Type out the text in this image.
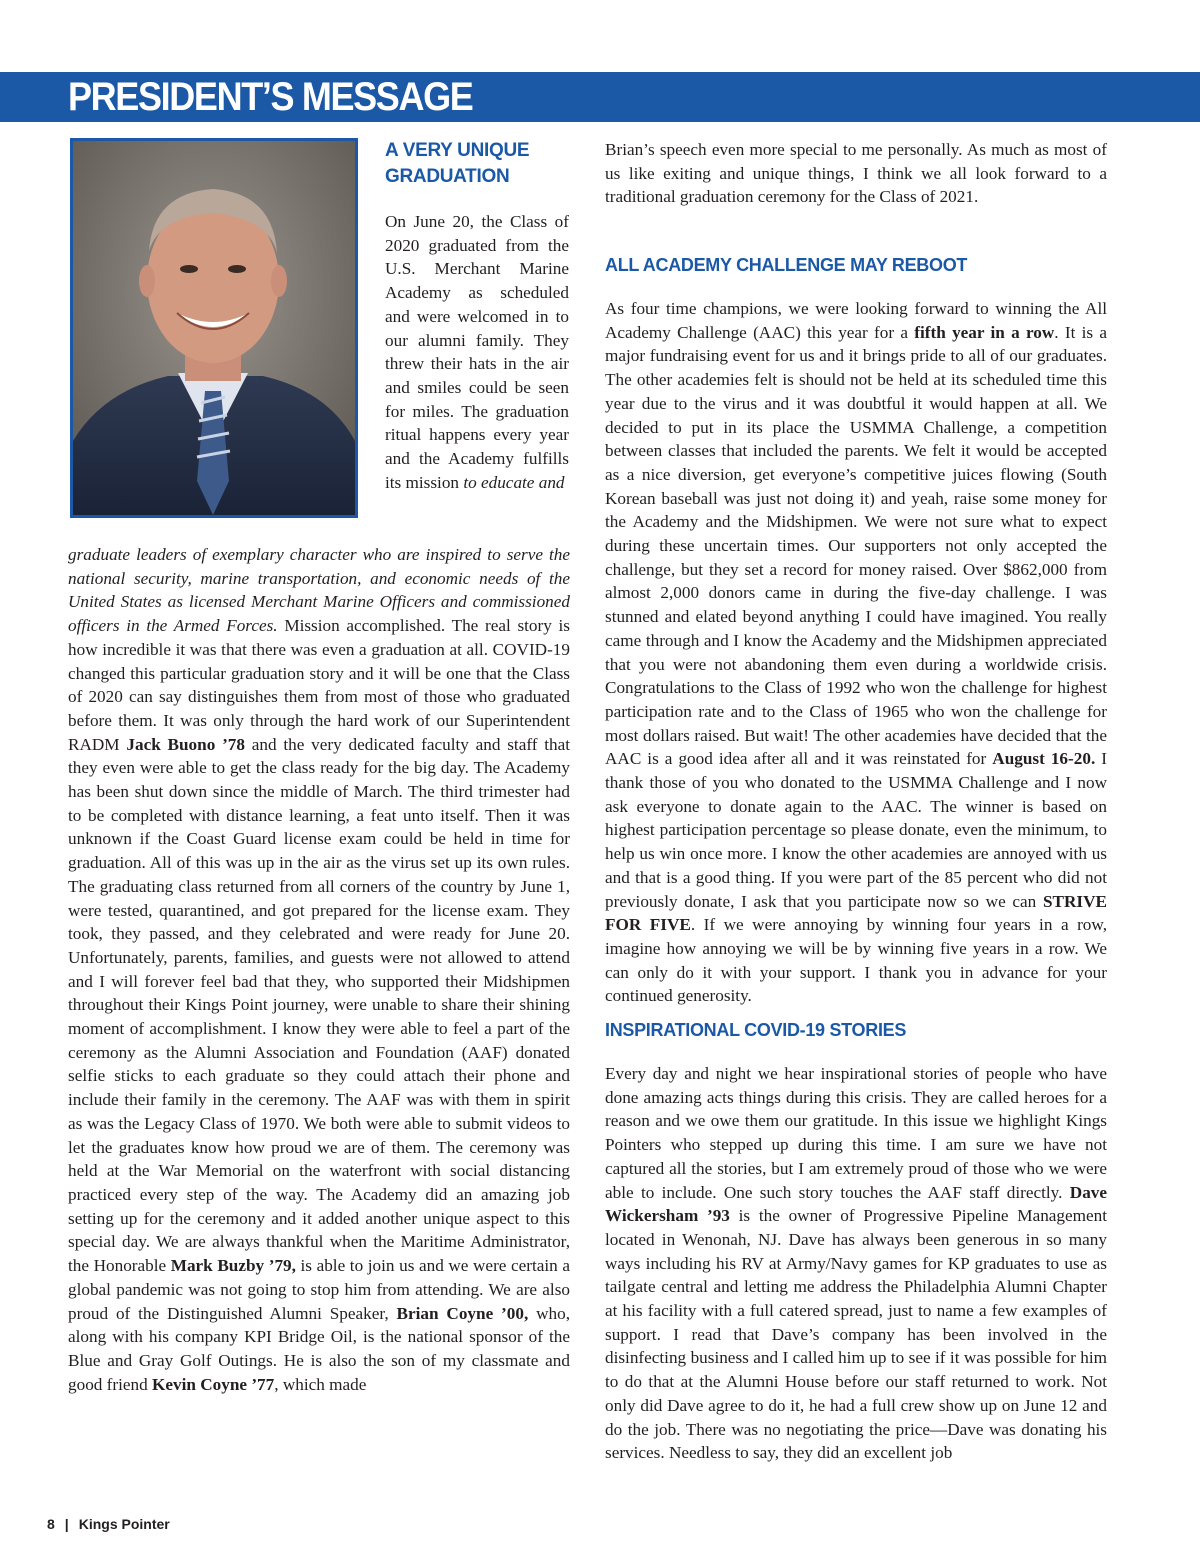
PRESIDENT’S MESSAGE
A VERY UNIQUE GRADUATION

On June 20, the Class of 2020 graduated from the U.S. Merchant Marine Academy as scheduled and were welcomed in to our alumni family. They threw their hats in the air and smiles could be seen for miles. The graduation ritual happens every year and the Academy fulfills its mission to educate and

graduate leaders of exemplary character who are inspired to serve the national security, marine transportation, and economic needs of the United States as licensed Merchant Marine Officers and commissioned officers in the Armed Forces. Mission accomplished. The real story is how incredible it was that there was even a graduation at all. COVID-19 changed this particular graduation story and it will be one that the Class of 2020 can say distinguishes them from most of those who graduated before them. It was only through the hard work of our Superintendent RADM Jack Buono ’78 and the very dedicated faculty and staff that they even were able to get the class ready for the big day. The Academy has been shut down since the middle of March. The third trimester had to be completed with distance learning, a feat unto itself. Then it was unknown if the Coast Guard license exam could be held in time for graduation. All of this was up in the air as the virus set up its own rules. The graduating class returned from all corners of the country by June 1, were tested, quarantined, and got prepared for the license exam. They took, they passed, and they celebrated and were ready for June 20. Unfortunately, parents, families, and guests were not allowed to attend and I will forever feel bad that they, who supported their Midshipmen throughout their Kings Point journey, were unable to share their shining moment of accomplishment. I know they were able to feel a part of the ceremony as the Alumni Association and Foundation (AAF) donated selfie sticks to each graduate so they could attach their phone and include their family in the ceremony. The AAF was with them in spirit as was the Legacy Class of 1970. We both were able to submit videos to let the graduates know how proud we are of them. The ceremony was held at the War Memorial on the waterfront with social distancing practiced every step of the way. The Academy did an amazing job setting up for the ceremony and it added another unique aspect to this special day. We are always thankful when the Maritime Administrator, the Honorable Mark Buzby ’79, is able to join us and we were certain a global pandemic was not going to stop him from attending. We are also proud of the Distinguished Alumni Speaker, Brian Coyne ’00, who, along with his company KPI Bridge Oil, is the national sponsor of the Blue and Gray Golf Outings. He is also the son of my classmate and good friend Kevin Coyne ’77, which made

Brian’s speech even more special to me personally. As much as most of us like exiting and unique things, I think we all look forward to a traditional graduation ceremony for the Class of 2021.

ALL ACADEMY CHALLENGE MAY REBOOT

As four time champions, we were looking forward to winning the All Academy Challenge (AAC) this year for a fifth year in a row. It is a major fundraising event for us and it brings pride to all of our graduates. The other academies felt is should not be held at its scheduled time this year due to the virus and it was doubtful it would happen at all. We decided to put in its place the USMMA Challenge, a competition between classes that included the parents. We felt it would be accepted as a nice diversion, get everyone’s competitive juices flowing (South Korean baseball was just not doing it) and yeah, raise some money for the Academy and the Midshipmen. We were not sure what to expect during these uncertain times. Our supporters not only accepted the challenge, but they set a record for money raised. Over $862,000 from almost 2,000 donors came in during the five-day challenge. I was stunned and elated beyond anything I could have imagined. You really came through and I know the Academy and the Midshipmen appreciated that you were not abandoning them even during a worldwide crisis. Congratulations to the Class of 1992 who won the challenge for highest participation rate and to the Class of 1965 who won the challenge for most dollars raised. But wait! The other academies have decided that the AAC is a good idea after all and it was reinstated for August 16-20. I thank those of you who donated to the USMMA Challenge and I now ask everyone to donate again to the AAC. The winner is based on highest participation percentage so please donate, even the minimum, to help us win once more. I know the other academies are annoyed with us and that is a good thing. If you were part of the 85 percent who did not previously donate, I ask that you participate now so we can STRIVE FOR FIVE. If we were annoying by winning four years in a row, imagine how annoying we will be by winning five years in a row. We can only do it with your support. I thank you in advance for your continued generosity.

INSPIRATIONAL COVID-19 STORIES

Every day and night we hear inspirational stories of people who have done amazing acts things during this crisis. They are called heroes for a reason and we owe them our gratitude. In this issue we highlight Kings Pointers who stepped up during this time. I am sure we have not captured all the stories, but I am extremely proud of those who we were able to include. One such story touches the AAF staff directly. Dave Wickersham ’93 is the owner of Progressive Pipeline Management located in Wenonah, NJ. Dave has always been generous in so many ways including his RV at Army/Navy games for KP graduates to use as tailgate central and letting me address the Philadelphia Alumni Chapter at his facility with a full catered spread, just to name a few examples of support. I read that Dave’s company has been involved in the disinfecting business and I called him up to see if it was possible for him to do that at the Alumni House before our staff returned to work. Not only did Dave agree to do it, he had a full crew show up on June 12 and do the job. There was no negotiating the price—Dave was donating his services. Needless to say, they did an excellent job

8 | Kings Pointer
